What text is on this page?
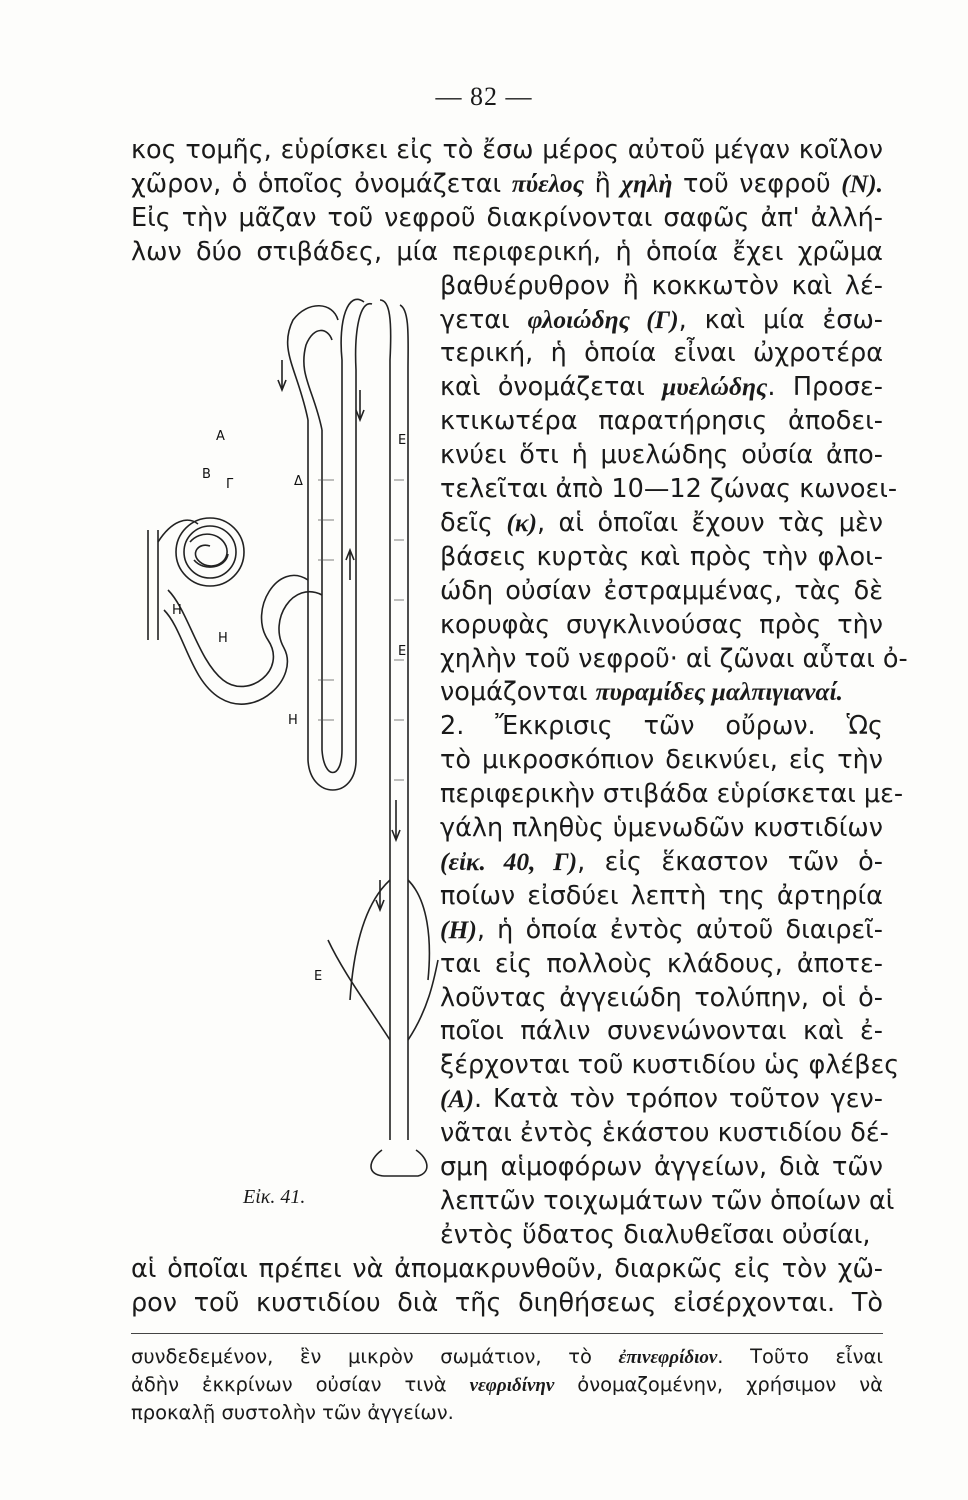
— 82 —
κος τομῆς, εὑρίσκει εἰς τὸ ἔσω μέρος αὐτοῦ μέγαν κοῖλον
χῶρον, ὁ ὁποῖος ὀνομάζεται πύελος ἢ χηλὴ τοῦ νεφροῦ (Ν).
Εἰς τὴν μᾶζαν τοῦ νεφροῦ διακρίνονται σαφῶς ἀπ' ἀλλή-
λων δύο στιβάδες, μία περιφερική, ἡ ὁποία ἔχει χρῶμα
βαθυέρυθρον ἢ κοκκωτὸν καὶ λέ-
γεται φλοιώδης (Γ), καὶ μία ἐσω-
τερική, ἡ ὁποία εἶναι ὠχροτέρα
καὶ ὀνομάζεται μυελώδης. Προσε-
κτικωτέρα παρατήρησις ἀποδει-
κνύει ὅτι ἡ μυελώδης οὐσία ἀπο-
τελεῖται ἀπὸ 10—12 ζώνας κωνοει-
δεῖς (κ), αἱ ὁποῖαι ἔχουν τὰς μὲν
βάσεις κυρτὰς καὶ πρὸς τὴν φλοι-
ώδη οὐσίαν ἐστραμμένας, τὰς δὲ
κορυφὰς συγκλινούσας πρὸς τὴν
χηλὴν τοῦ νεφροῦ· αἱ ζῶναι αὗται ὀ-
νομάζονται πυραμίδες μαλπιγιαναί.
2. Ἔκκρισις τῶν οὔρων. Ὡς
τὸ μικροσκόπιον δεικνύει, εἰς τὴν
περιφερικὴν στιβάδα εὑρίσκεται με-
γάλη πληθὺς ὑμενωδῶν κυστιδίων
(εἰκ. 40, Γ), εἰς ἕκαστον τῶν ὁ-
ποίων εἰσδύει λεπτὴ της ἀρτηρία
(Η), ἡ ὁποία ἐντὸς αὐτοῦ διαιρεῖ-
ται εἰς πολλοὺς κλάδους, ἀποτε-
λοῦντας ἀγγειώδη τολύπην, οἱ ὁ-
ποῖοι πάλιν συνενώνονται καὶ ἐ-
ξέρχονται τοῦ κυστιδίου ὡς φλέβες
(Α). Κατὰ τὸν τρόπον τοῦτον γεν-
νᾶται ἐντὸς ἑκάστου κυστιδίου δέ-
σμη αἱμοφόρων ἀγγείων, διὰ τῶν
λεπτῶν τοιχωμάτων τῶν ὁποίων αἱ
ἐντὸς ὕδατος διαλυθεῖσαι οὐσίαι,
αἱ ὁποῖαι πρέπει νὰ ἀπομακρυνθοῦν, διαρκῶς εἰς τὸν χῶ-
ρον τοῦ κυστιδίου διὰ τῆς διηθήσεως εἰσέρχονται. Τὸ
Α
Β
Γ	Δ
Ε
Ε
Ε
Η
Η
Η
Εἰκ. 41.
συνδεδεμένον, ἓν μικρὸν σωμάτιον, τὸ ἐπινεφρίδιον. Τοῦτο εἶναι
ἀδὴν ἐκκρίνων οὐσίαν τινὰ νεφριδίνην ὀνομαζομένην, χρήσιμον νὰ
προκαλῇ συστολὴν τῶν ἀγγείων.
